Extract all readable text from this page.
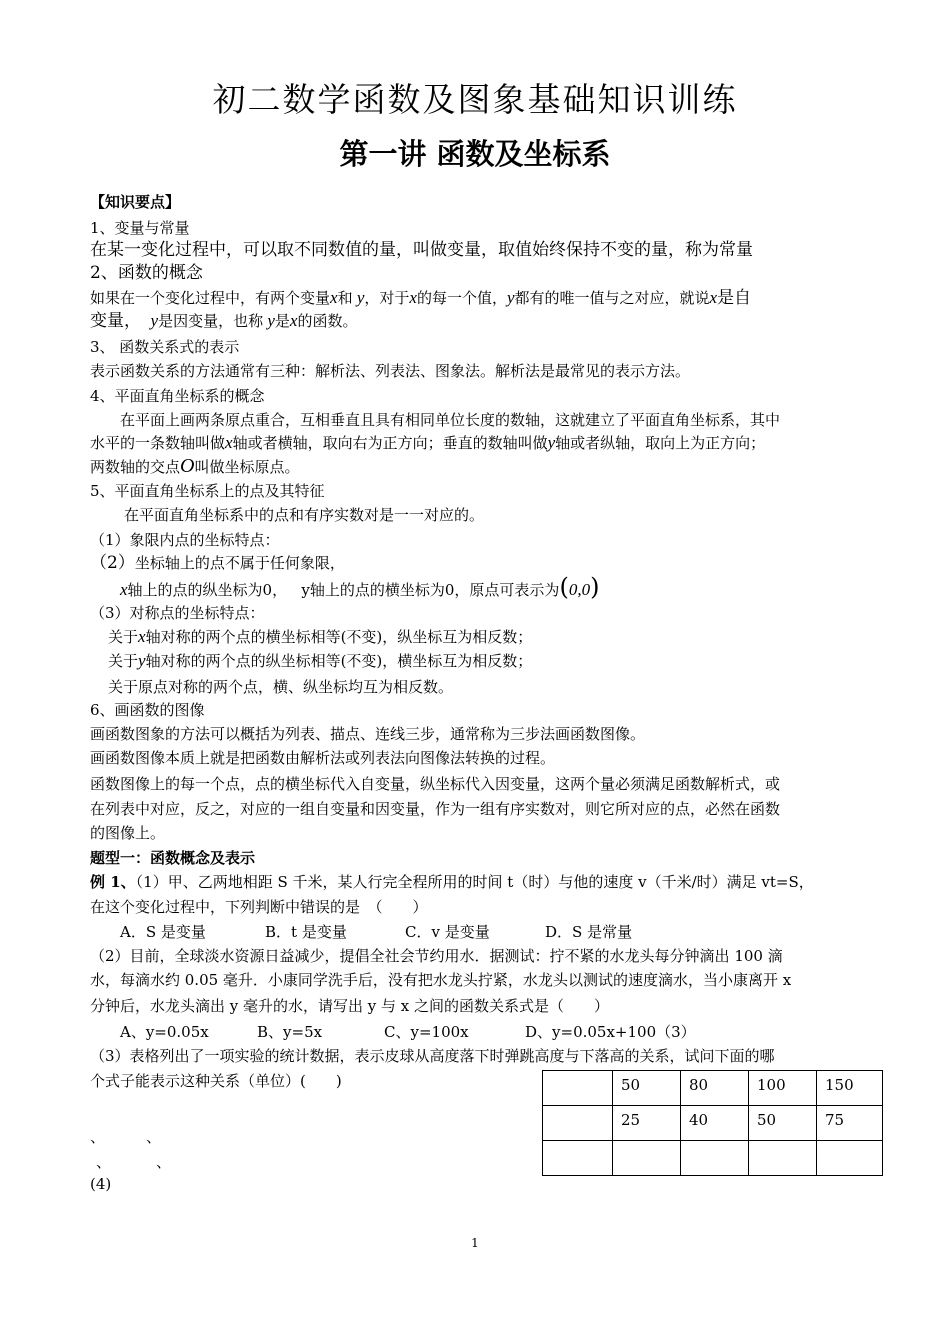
初二数学函数及图象基础知识训练
第一讲 函数及坐标系
【知识要点】
1、变量与常量
在某一变化过程中，可以取不同数值的量，叫做变量，取值始终保持不变的量，称为常量
2、函数的概念
如果在一个变化过程中，有两个变量x和 y，对于x的每一个值，y都有的唯一值与之对应，就说x是自
变量， y是因变量，也称 y是x的函数。
3、 函数关系式的表示
表示函数关系的方法通常有三种：解析法、列表法、图象法。解析法是最常见的表示方法。
4、平面直角坐标系的概念
在平面上画两条原点重合，互相垂直且具有相同单位长度的数轴，这就建立了平面直角坐标系，其中
水平的一条数轴叫做x轴或者横轴，取向右为正方向；垂直的数轴叫做y轴或者纵轴，取向上为正方向；
两数轴的交点O叫做坐标原点。
5、平面直角坐标系上的点及其特征
在平面直角坐标系中的点和有序实数对是一一对应的。
（1）象限内点的坐标特点：
（2）坐标轴上的点不属于任何象限，
x轴上的点的纵坐标为0， y轴上的点的横坐标为0，原点可表示为(0,0)
（3）对称点的坐标特点：
关于x轴对称的两个点的横坐标相等(不变)，纵坐标互为相反数；
关于y轴对称的两个点的纵坐标相等(不变)，横坐标互为相反数；
关于原点对称的两个点，横、纵坐标均互为相反数。
6、画函数的图像
画函数图象的方法可以概括为列表、描点、连线三步，通常称为三步法画函数图像。
画函数图像本质上就是把函数由解析法或列表法向图像法转换的过程。
函数图像上的每一个点，点的横坐标代入自变量，纵坐标代入因变量，这两个量必须满足函数解析式，或
在列表中对应，反之，对应的一组自变量和因变量，作为一组有序实数对，则它所对应的点，必然在函数
的图像上。
题型一：函数概念及表示
例 1、（1）甲、乙两地相距 S 千米，某人行完全程所用的时间 t（时）与他的速度 v（千米/时）满足 vt=S，
在这个变化过程中，下列判断中错误的是　（　　）
A．S 是变量	B．t 是变量	C．v 是变量	D．S 是常量
（2）目前，全球淡水资源日益减少，提倡全社会节约用水．据测试：拧不紧的水龙头每分钟滴出 100 滴
水，每滴水约 0.05 毫升．小康同学洗手后，没有把水龙头拧紧，水龙头以测试的速度滴水，当小康离开 x
分钟后，水龙头滴出 y 毫升的水，请写出 y 与 x 之间的函数关系式是（　　）
A、y=0.05x	B、y=5x	C、y=100x	D、y=0.05x+100（3）
（3）表格列出了一项实验的统计数据，表示皮球从高度落下时弹跳高度与下落高的关系，试问下面的哪
个式子能表示这种关系（单位）(　　)
、	、
、	、
(4)
	50	80	100	150
	25	40	50	75

1
